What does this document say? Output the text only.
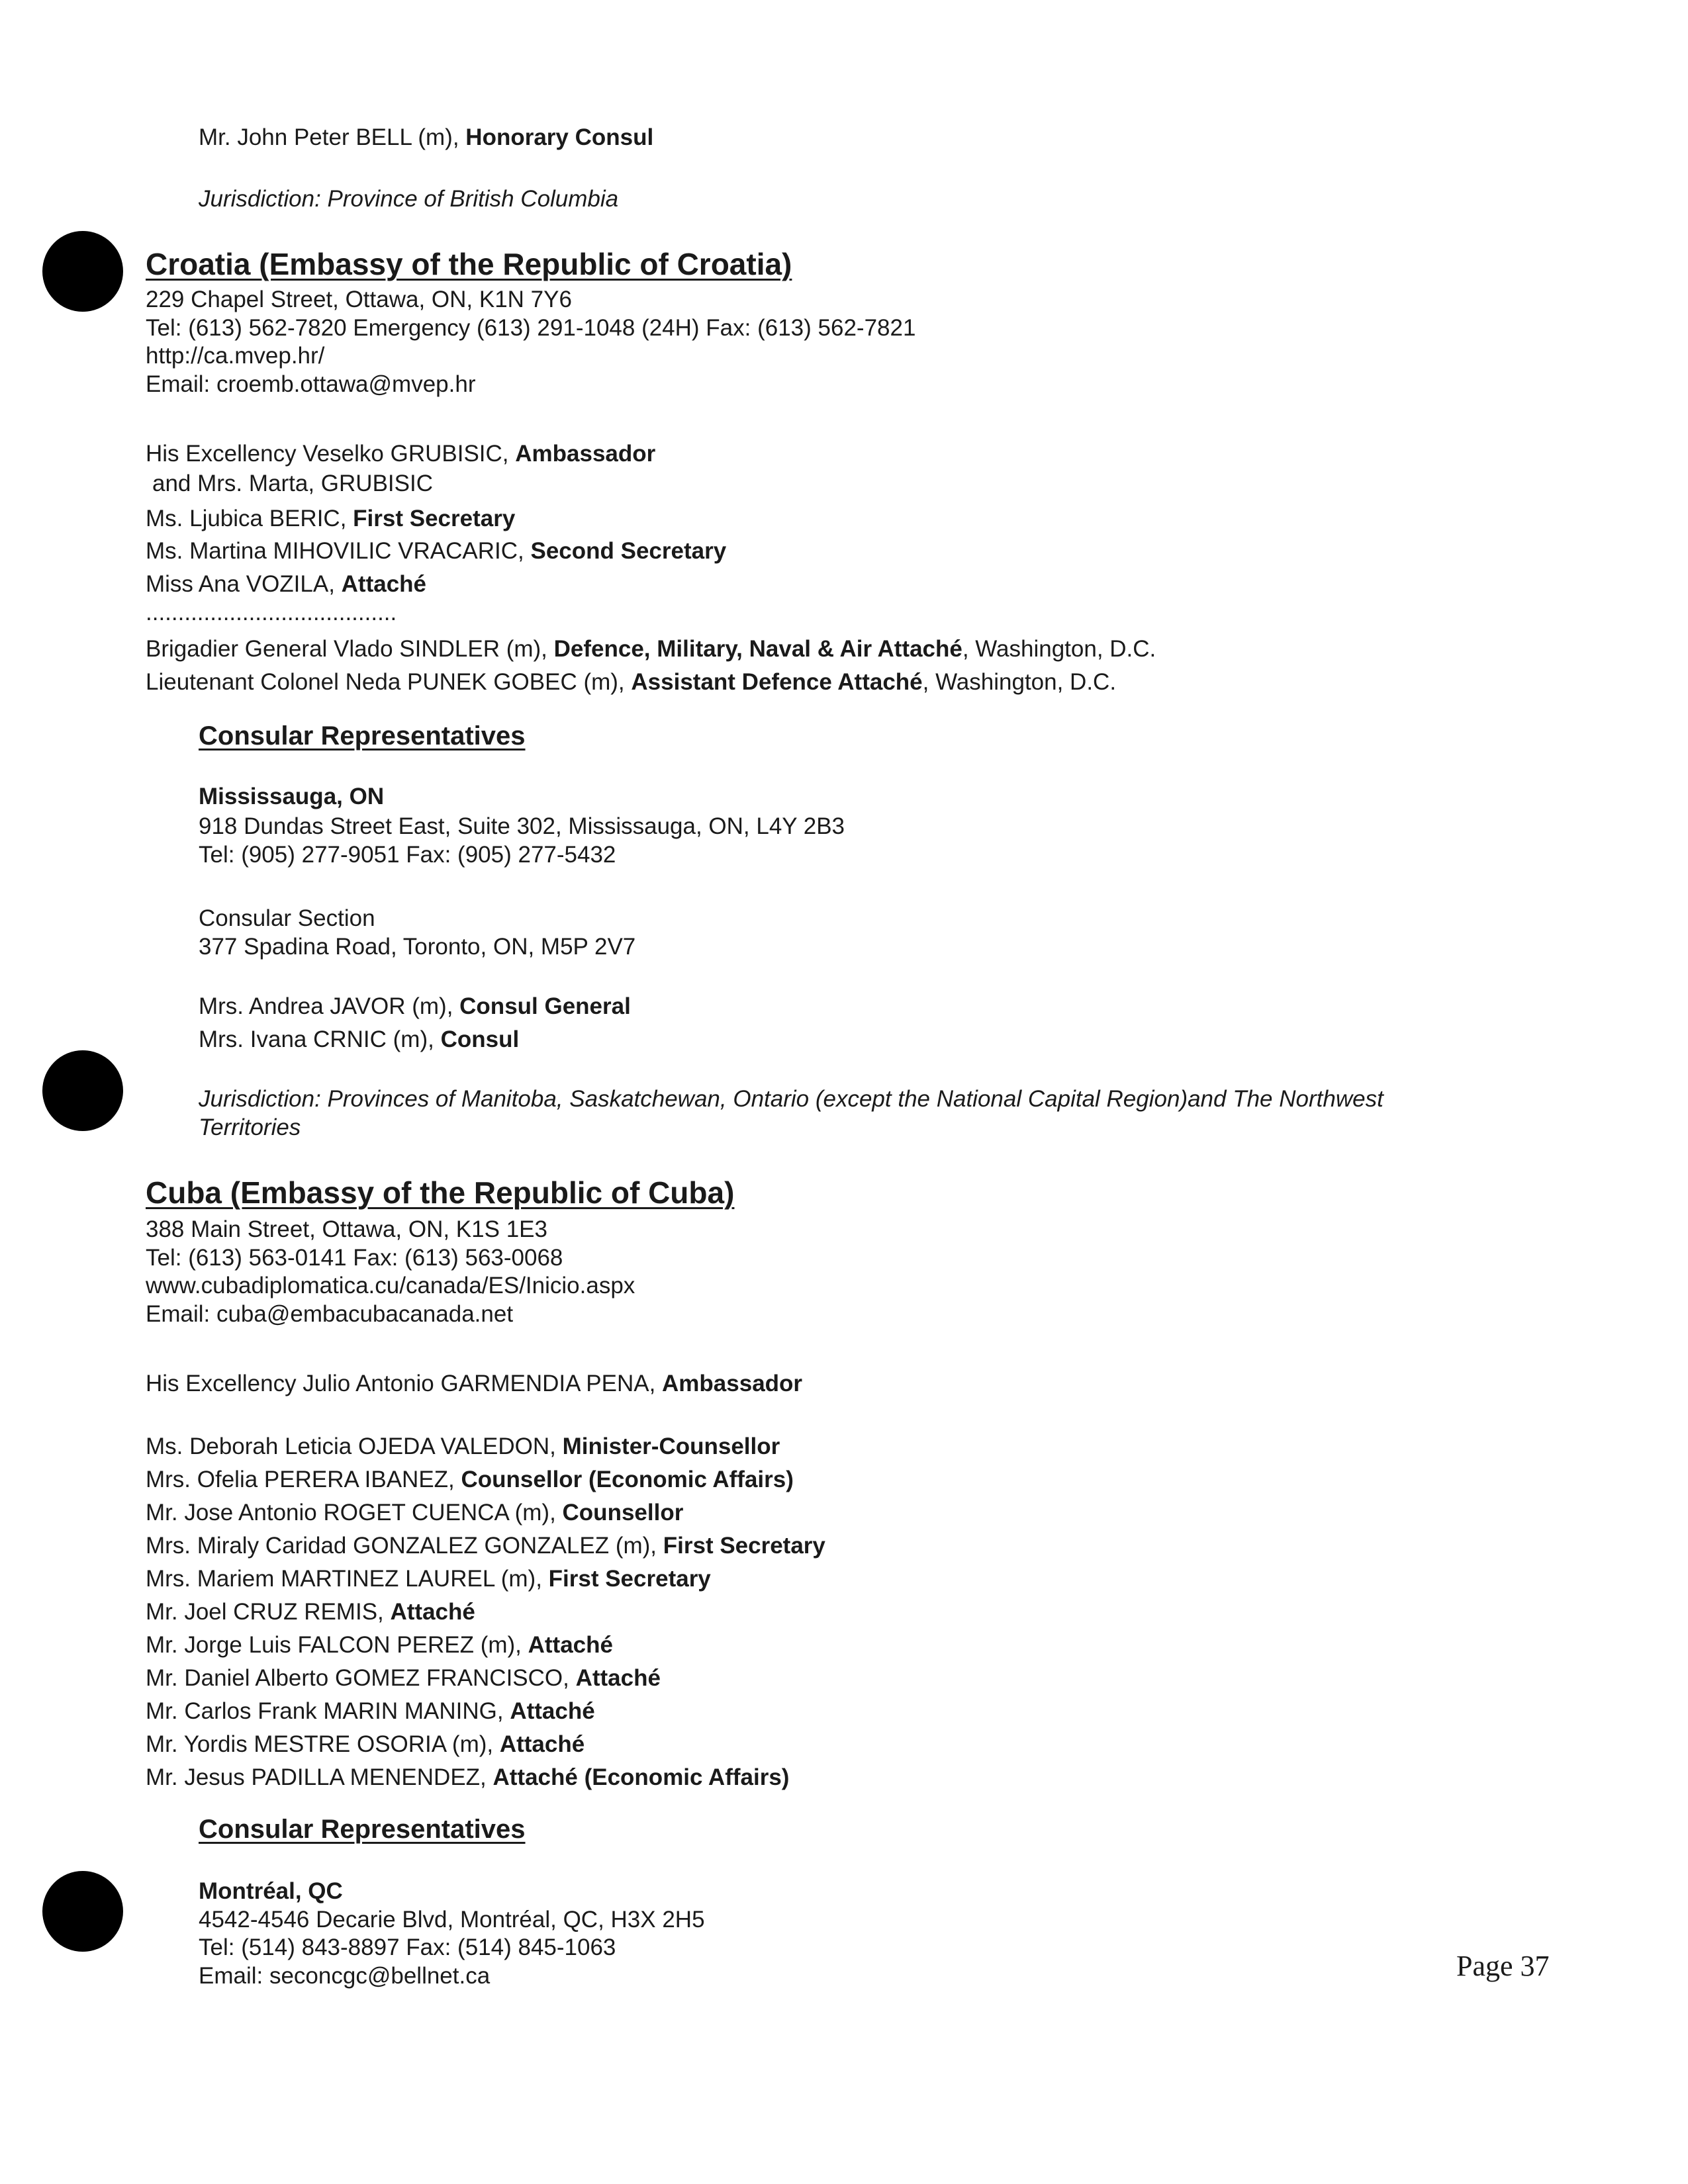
Mr. John Peter BELL (m), Honorary Consul
Jurisdiction: Province of British Columbia
Croatia (Embassy of the Republic of Croatia)
229 Chapel Street, Ottawa, ON, K1N 7Y6
Tel: (613) 562-7820 Emergency (613) 291-1048 (24H) Fax: (613) 562-7821
http://ca.mvep.hr/
Email: croemb.ottawa@mvep.hr
His Excellency Veselko GRUBISIC, Ambassador
and Mrs. Marta, GRUBISIC
Ms. Ljubica BERIC, First Secretary
Ms. Martina MIHOVILIC VRACARIC, Second Secretary
Miss Ana VOZILA, Attaché
.......................................
Brigadier General Vlado SINDLER (m), Defence, Military, Naval & Air Attaché, Washington, D.C.
Lieutenant Colonel Neda PUNEK GOBEC (m), Assistant Defence Attaché, Washington, D.C.
Consular Representatives
Mississauga, ON
918 Dundas Street East, Suite 302, Mississauga, ON, L4Y 2B3
Tel: (905) 277-9051 Fax: (905) 277-5432
Consular Section
377 Spadina Road, Toronto, ON, M5P 2V7
Mrs. Andrea JAVOR (m), Consul General
Mrs. Ivana CRNIC (m), Consul
Jurisdiction: Provinces of Manitoba, Saskatchewan, Ontario (except the National Capital Region)and The Northwest
Territories
Cuba (Embassy of the Republic of Cuba)
388 Main Street, Ottawa, ON, K1S 1E3
Tel: (613) 563-0141 Fax: (613) 563-0068
www.cubadiplomatica.cu/canada/ES/Inicio.aspx
Email: cuba@embacubacanada.net
His Excellency Julio Antonio GARMENDIA PENA, Ambassador
Ms. Deborah Leticia OJEDA VALEDON, Minister-Counsellor
Mrs. Ofelia PERERA IBANEZ, Counsellor (Economic Affairs)
Mr. Jose Antonio ROGET CUENCA (m), Counsellor
Mrs. Miraly Caridad GONZALEZ GONZALEZ (m), First Secretary
Mrs. Mariem MARTINEZ LAUREL (m), First Secretary
Mr. Joel CRUZ REMIS, Attaché
Mr. Jorge Luis FALCON PEREZ (m), Attaché
Mr. Daniel Alberto GOMEZ FRANCISCO, Attaché
Mr. Carlos Frank MARIN MANING, Attaché
Mr. Yordis MESTRE OSORIA (m), Attaché
Mr. Jesus PADILLA MENENDEZ, Attaché (Economic Affairs)
Consular Representatives
Montréal, QC
4542-4546 Decarie Blvd, Montréal, QC, H3X 2H5
Tel: (514) 843-8897 Fax: (514) 845-1063
Email: seconcgc@bellnet.ca	Page 37
